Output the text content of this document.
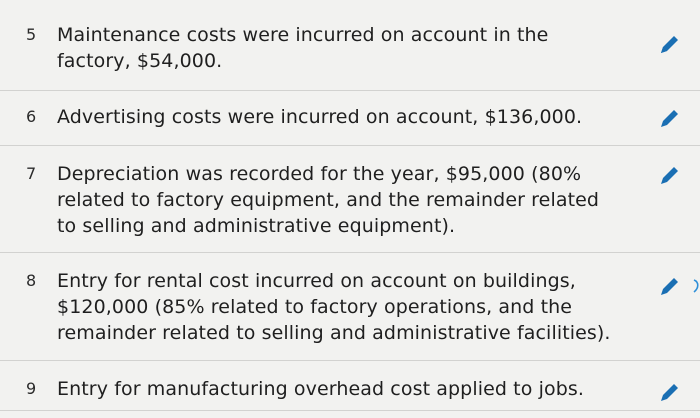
5 Maintenance costs were incurred on account in the factory, $54,000.
6 Advertising costs were incurred on account, $136,000.
7 Depreciation was recorded for the year, $95,000 (80% related to factory equipment, and the remainder related to selling and administrative equipment).
8 Entry for rental cost incurred on account on buildings, $120,000 (85% related to factory operations, and the remainder related to selling and administrative facilities).
9 Entry for manufacturing overhead cost applied to jobs.
